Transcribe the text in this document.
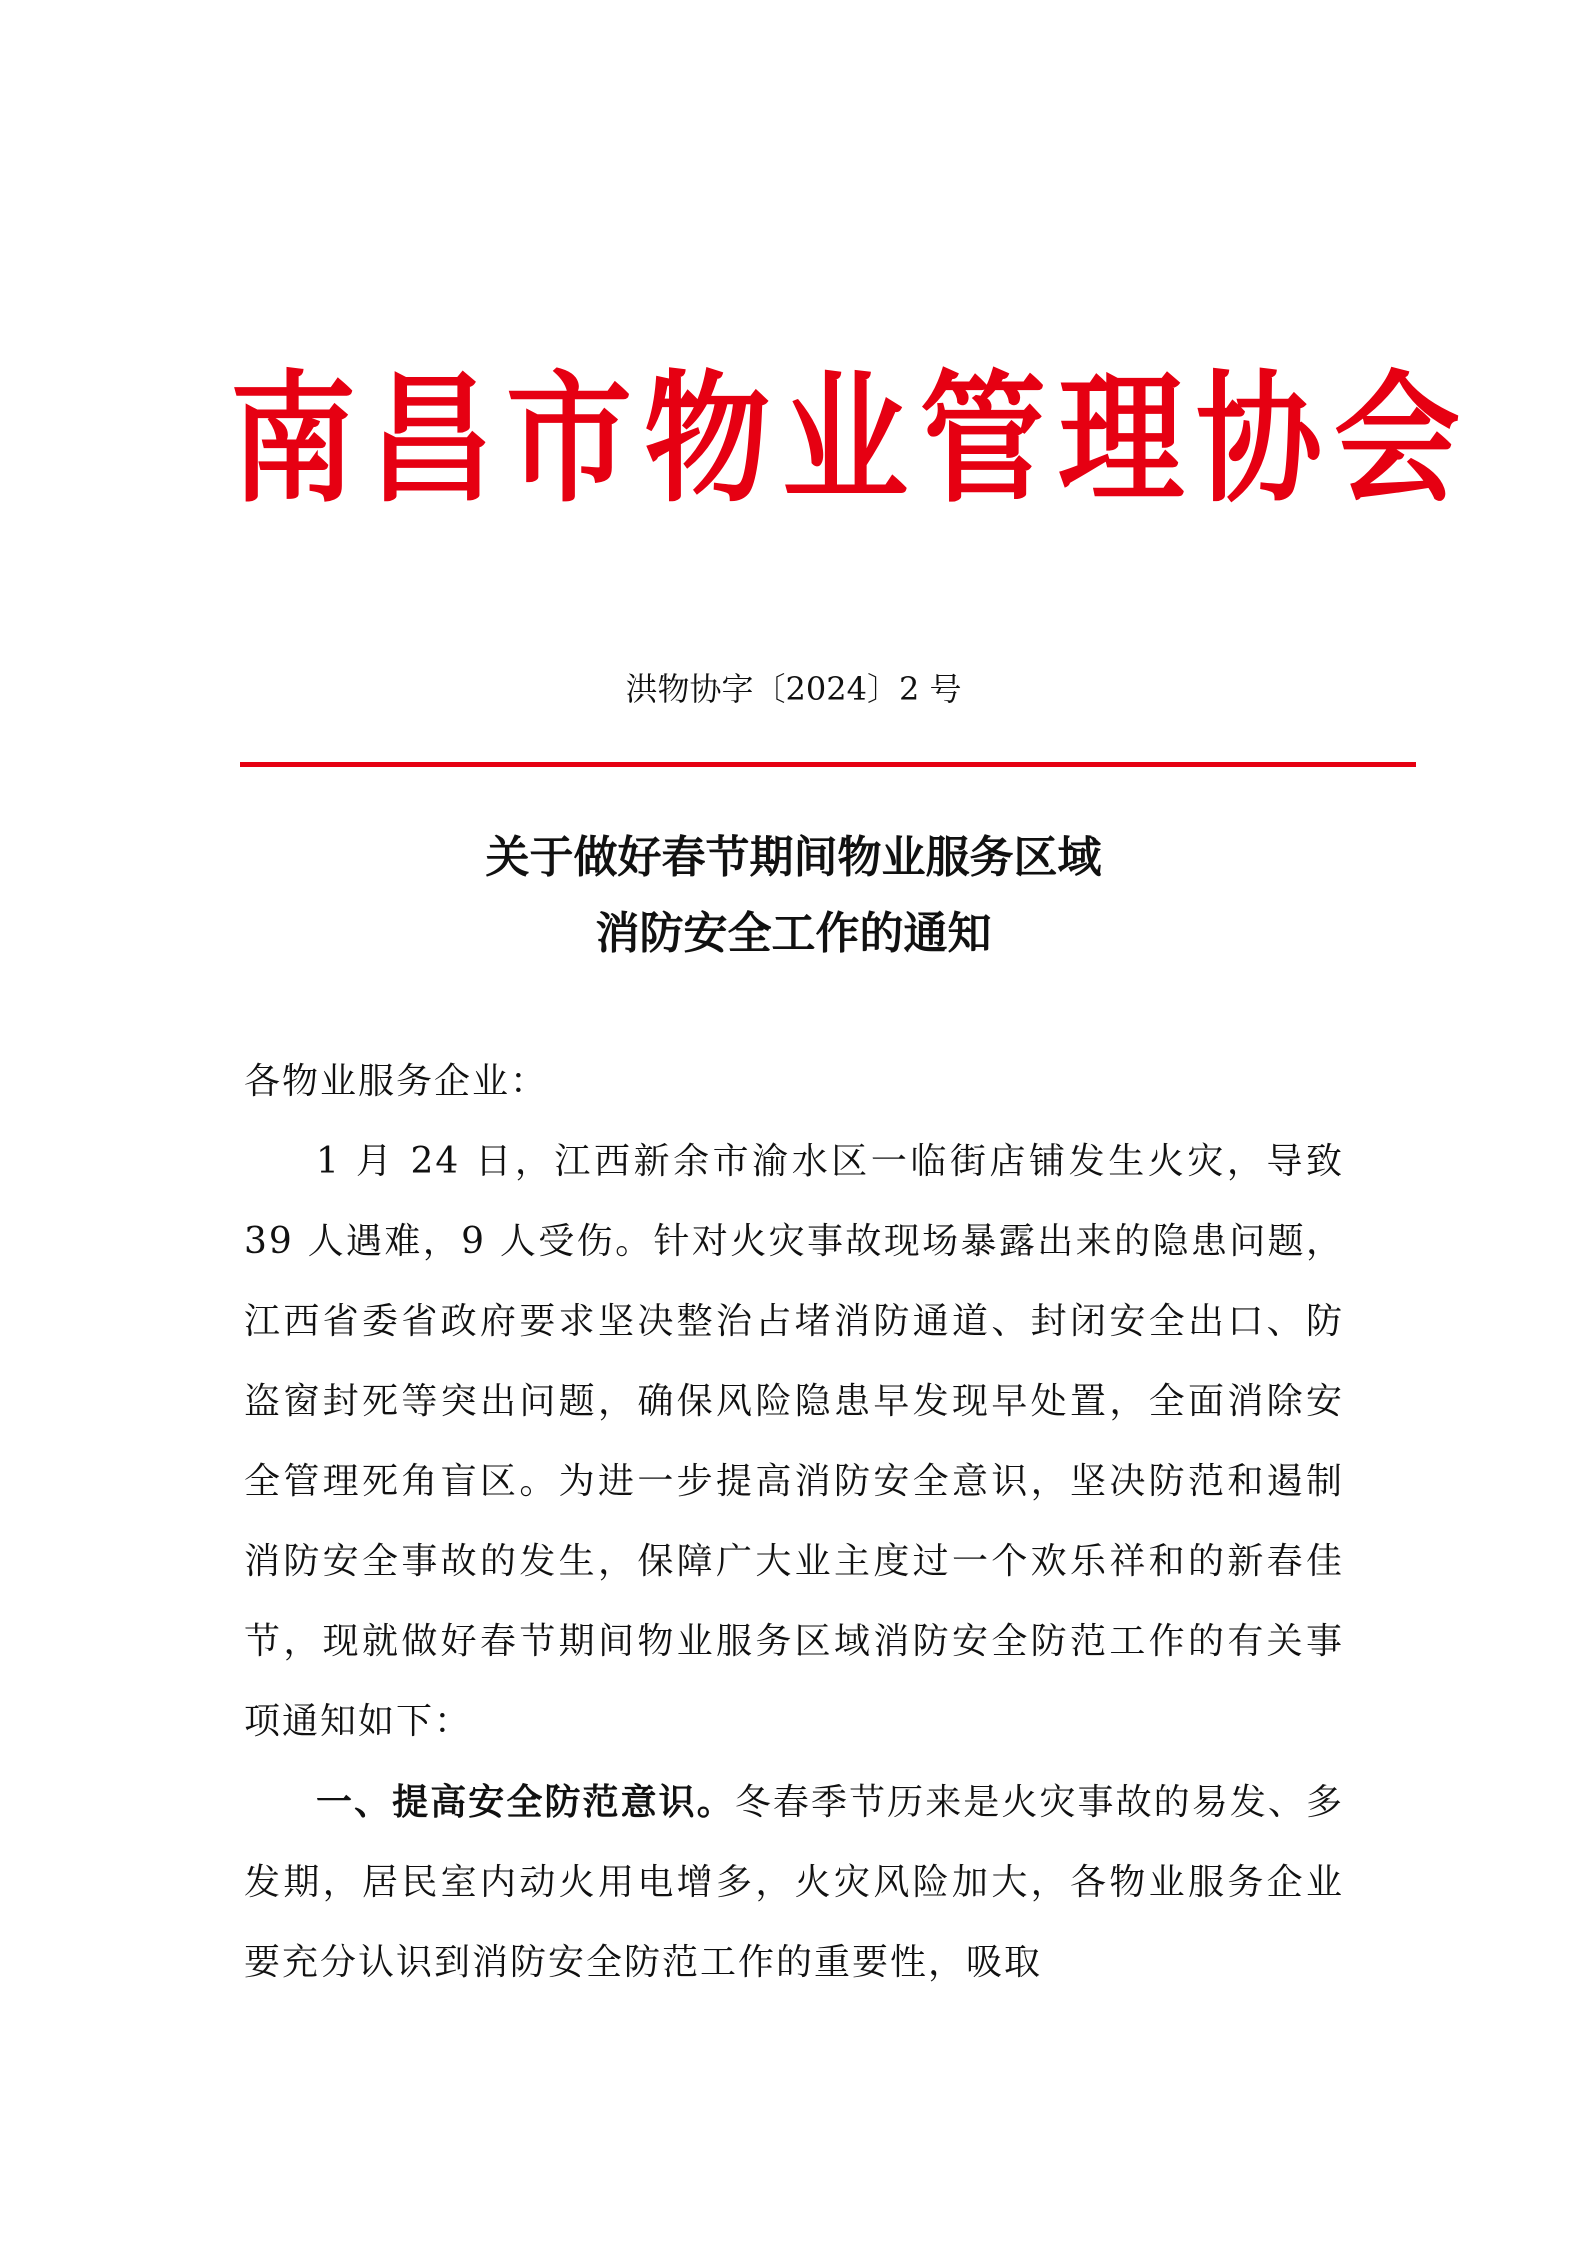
南昌市物业管理协会
洪物协字〔2024〕2 号
关于做好春节期间物业服务区域
消防安全工作的通知

各物业服务企业：

1 月 24 日，江西新余市渝水区一临街店铺发生火灾，导致 39 人遇难，9 人受伤。针对火灾事故现场暴露出来的隐患问题，江西省委省政府要求坚决整治占堵消防通道、封闭安全出口、防盗窗封死等突出问题，确保风险隐患早发现早处置，全面消除安全管理死角盲区。为进一步提高消防安全意识，坚决防范和遏制消防安全事故的发生，保障广大业主度过一个欢乐祥和的新春佳节，现就做好春节期间物业服务区域消防安全防范工作的有关事项通知如下：

一、提高安全防范意识。冬春季节历来是火灾事故的易发、多发期，居民室内动火用电增多，火灾风险加大，各物业服务企业要充分认识到消防安全防范工作的重要性，吸取
